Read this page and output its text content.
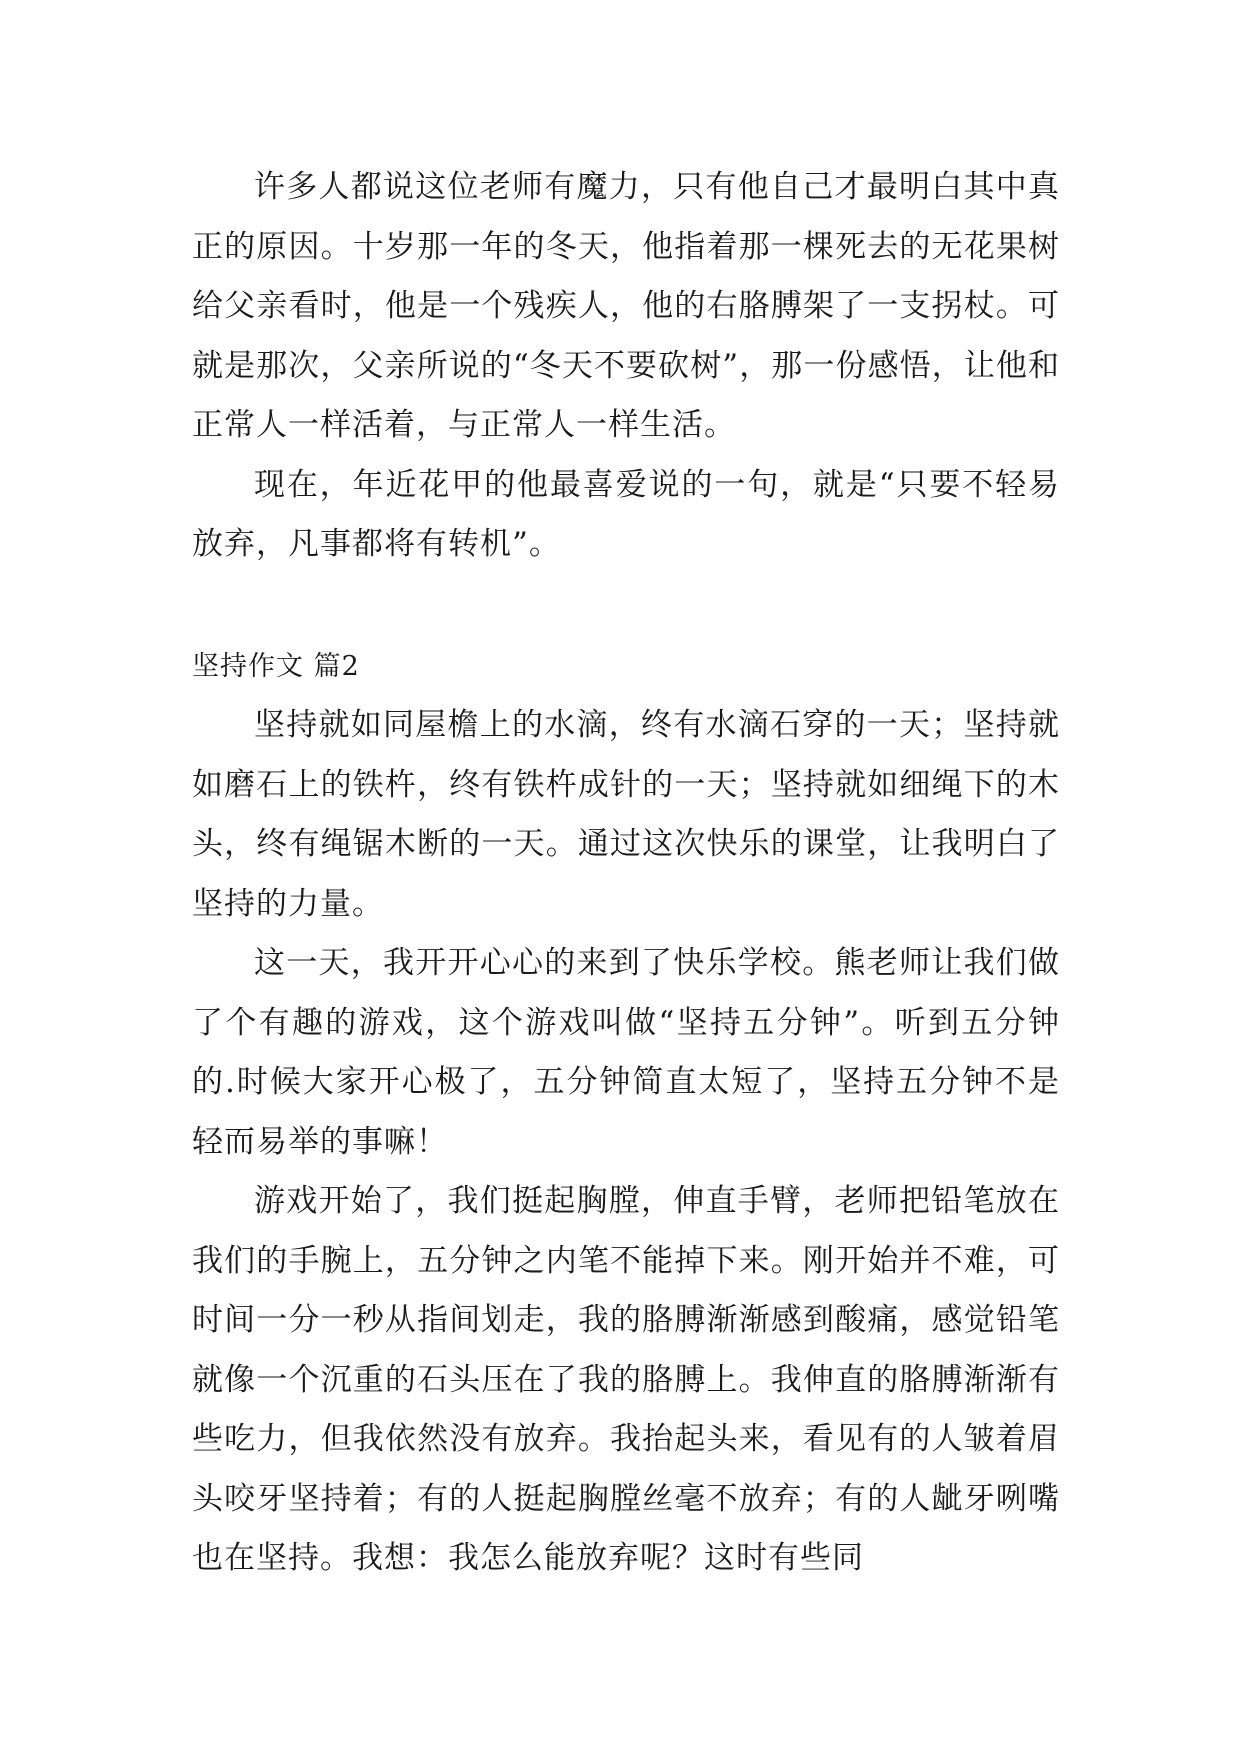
许多人都说这位老师有魔力，只有他自己才最明白其中真正的原因。十岁那一年的冬天，他指着那一棵死去的无花果树给父亲看时，他是一个残疾人，他的右胳膊架了一支拐杖。可就是那次，父亲所说的“冬天不要砍树”，那一份感悟，让他和正常人一样活着，与正常人一样生活。

现在，年近花甲的他最喜爱说的一句，就是“只要不轻易放弃，凡事都将有转机”。

坚持作文 篇2

坚持就如同屋檐上的水滴，终有水滴石穿的一天；坚持就如磨石上的铁杵，终有铁杵成针的一天；坚持就如细绳下的木头，终有绳锯木断的一天。通过这次快乐的课堂，让我明白了坚持的力量。

这一天，我开开心心的来到了快乐学校。熊老师让我们做了个有趣的游戏，这个游戏叫做“坚持五分钟”。听到五分钟的.时候大家开心极了，五分钟简直太短了，坚持五分钟不是轻而易举的事嘛！

游戏开始了，我们挺起胸膛，伸直手臂，老师把铅笔放在我们的手腕上，五分钟之内笔不能掉下来。刚开始并不难，可时间一分一秒从指间划走，我的胳膊渐渐感到酸痛，感觉铅笔就像一个沉重的石头压在了我的胳膊上。我伸直的胳膊渐渐有些吃力，但我依然没有放弃。我抬起头来，看见有的人皱着眉头咬牙坚持着；有的人挺起胸膛丝毫不放弃；有的人龇牙咧嘴也在坚持。我想：我怎么能放弃呢？这时有些同
